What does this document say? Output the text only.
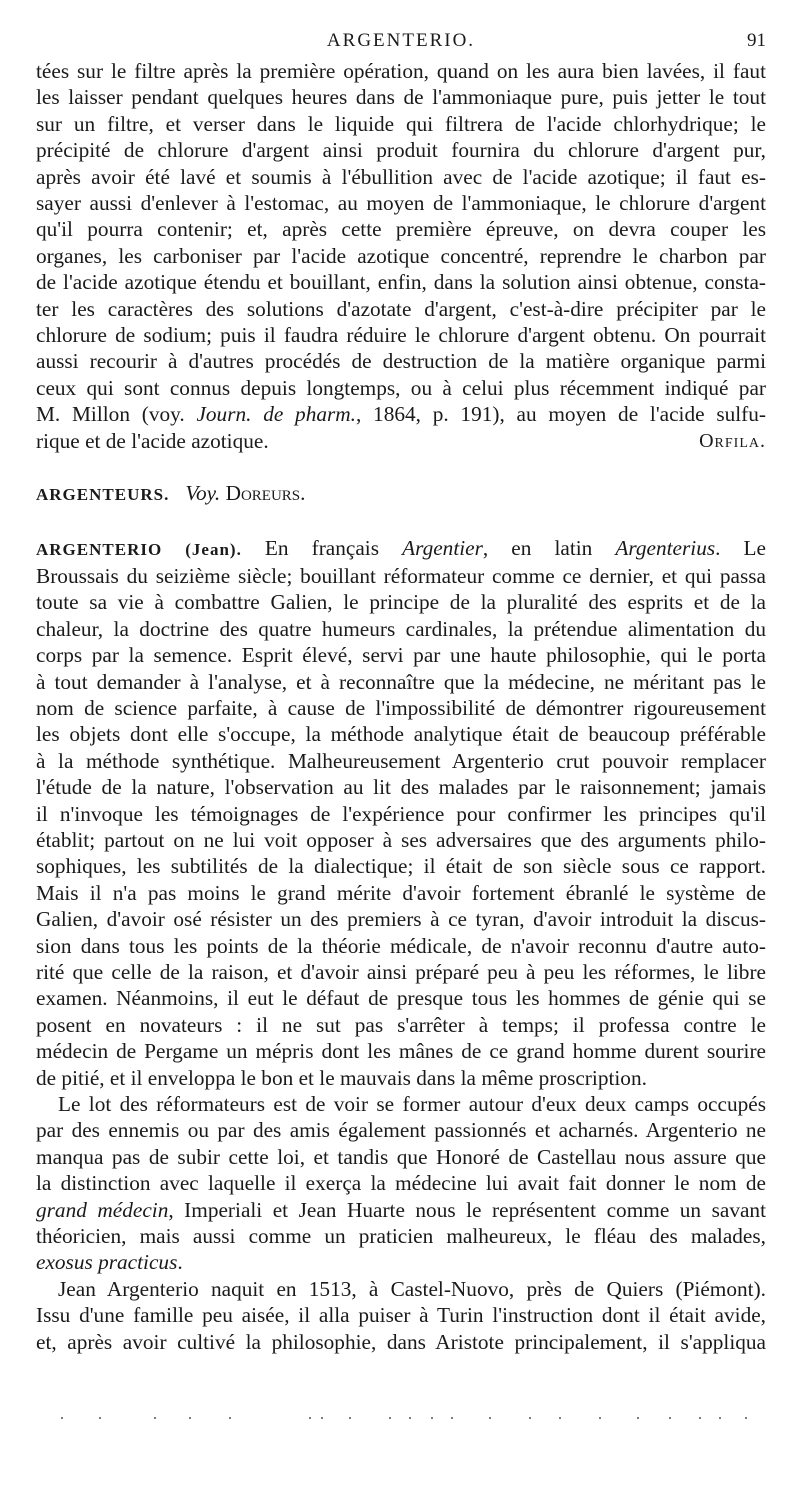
ARGENTERIO.	91

tées sur le filtre après la première opération, quand on les aura bien lavées, il faut

les laisser pendant quelques heures dans de l'ammoniaque pure, puis jetter le tout

sur un filtre, et verser dans le liquide qui filtrera de l'acide chlorhydrique; le

précipité de chlorure d'argent ainsi produit fournira du chlorure d'argent pur,

après avoir été lavé et soumis à l'ébullition avec de l'acide azotique; il faut es-

sayer aussi d'enlever à l'estomac, au moyen de l'ammoniaque, le chlorure d'argent

qu'il pourra contenir; et, après cette première épreuve, on devra couper les

organes, les carboniser par l'acide azotique concentré, reprendre le charbon par

de l'acide azotique étendu et bouillant, enfin, dans la solution ainsi obtenue, consta-

ter les caractères des solutions d'azotate d'argent, c'est-à-dire précipiter par le

chlorure de sodium; puis il faudra réduire le chlorure d'argent obtenu. On pourrait

aussi recourir à d'autres procédés de destruction de la matière organique parmi

ceux qui sont connus depuis longtemps, ou à celui plus récemment indiqué par

M. Millon (voy. Journ. de pharm., 1864, p. 191), au moyen de l'acide sulfu-

rique et de l'acide azotique.	Orfila.

ARGENTEURS. Voy. Doreurs.

ARGENTERIO (Jean). En français Argentier, en latin Argenterius. Le

Broussais du seizième siècle; bouillant réformateur comme ce dernier, et qui passa

toute sa vie à combattre Galien, le principe de la pluralité des esprits et de la

chaleur, la doctrine des quatre humeurs cardinales, la prétendue alimentation du

corps par la semence. Esprit élevé, servi par une haute philosophie, qui le porta

à tout demander à l'analyse, et à reconnaître que la médecine, ne méritant pas le

nom de science parfaite, à cause de l'impossibilité de démontrer rigoureusement

les objets dont elle s'occupe, la méthode analytique était de beaucoup préférable

à la méthode synthétique. Malheureusement Argenterio crut pouvoir remplacer

l'étude de la nature, l'observation au lit des malades par le raisonnement; jamais

il n'invoque les témoignages de l'expérience pour confirmer les principes qu'il

établit; partout on ne lui voit opposer à ses adversaires que des arguments philo-

sophiques, les subtilités de la dialectique; il était de son siècle sous ce rapport.

Mais il n'a pas moins le grand mérite d'avoir fortement ébranlé le système de

Galien, d'avoir osé résister un des premiers à ce tyran, d'avoir introduit la discus-

sion dans tous les points de la théorie médicale, de n'avoir reconnu d'autre auto-

rité que celle de la raison, et d'avoir ainsi préparé peu à peu les réformes, le libre

examen. Néanmoins, il eut le défaut de presque tous les hommes de génie qui se

posent en novateurs : il ne sut pas s'arrêter à temps; il professa contre le

médecin de Pergame un mépris dont les mânes de ce grand homme durent sourire

de pitié, et il enveloppa le bon et le mauvais dans la même proscription.

Le lot des réformateurs est de voir se former autour d'eux deux camps occupés

par des ennemis ou par des amis également passionnés et acharnés. Argenterio ne

manqua pas de subir cette loi, et tandis que Honoré de Castellau nous assure que

la distinction avec laquelle il exerça la médecine lui avait fait donner le nom de

grand médecin, Imperiali et Jean Huarte nous le représentent comme un savant

théoricien, mais aussi comme un praticien malheureux, le fléau des malades,

exosus practicus.

Jean Argenterio naquit en 1513, à Castel-Nuovo, près de Quiers (Piémont).

Issu d'une famille peu aisée, il alla puiser à Turin l'instruction dont il était avide,

et, après avoir cultivé la philosophie, dans Aristote principalement, il s'appliqua
